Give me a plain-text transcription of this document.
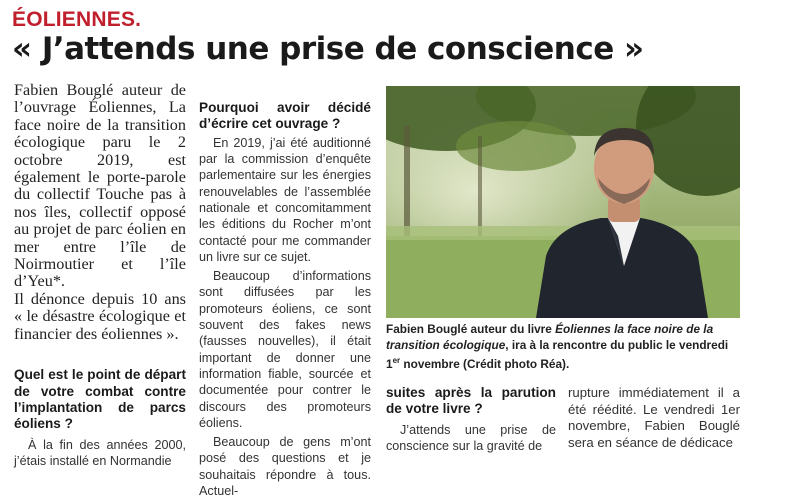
ÉOLIENNES.
« J’attends une prise de conscience »

Fabien Bouglé auteur de l’ouvrage Éoliennes, La face noire de la transition écologique paru le 2 octobre 2019, est également le porte-parole du collectif Touche pas à nos îles, collectif opposé au projet de parc éolien en mer entre l’île de Noirmoutier et l’île d’Yeu*.

Il dénonce depuis 10 ans « le désastre écologique et financier des éoliennes ».

Quel est le point de départ de votre combat contre l’implantation de parcs éoliens ?

À la fin des années 2000, j’étais installé en Normandie

Pourquoi avoir décidé d’écrire cet ouvrage ?

En 2019, j’ai été auditionné par la commission d’enquête parlementaire sur les énergies renouvelables de l’assemblée nationale et concomitamment les éditions du Rocher m’ont contacté pour me commander un livre sur ce sujet.

Beaucoup d’informations sont diffusées par les promoteurs éoliens, ce sont souvent des fakes news (fausses nouvelles), il était important de donner une information fiable, sourcée et documentée pour contrer le discours des promoteurs éoliens.

Beaucoup de gens m’ont posé des questions et je souhaitais répondre à tous. Actuel-

Fabien Bouglé auteur du livre Éoliennes la face noire de la transition écologique, ira à la rencontre du public le vendredi 1er novembre (Crédit photo Réa).

suites après la parution de votre livre ?

J’attends une prise de conscience sur la gravité de

rupture immédiatement il a été réédité. Le vendredi 1er novembre, Fabien Bouglé sera en séance de dédicace
